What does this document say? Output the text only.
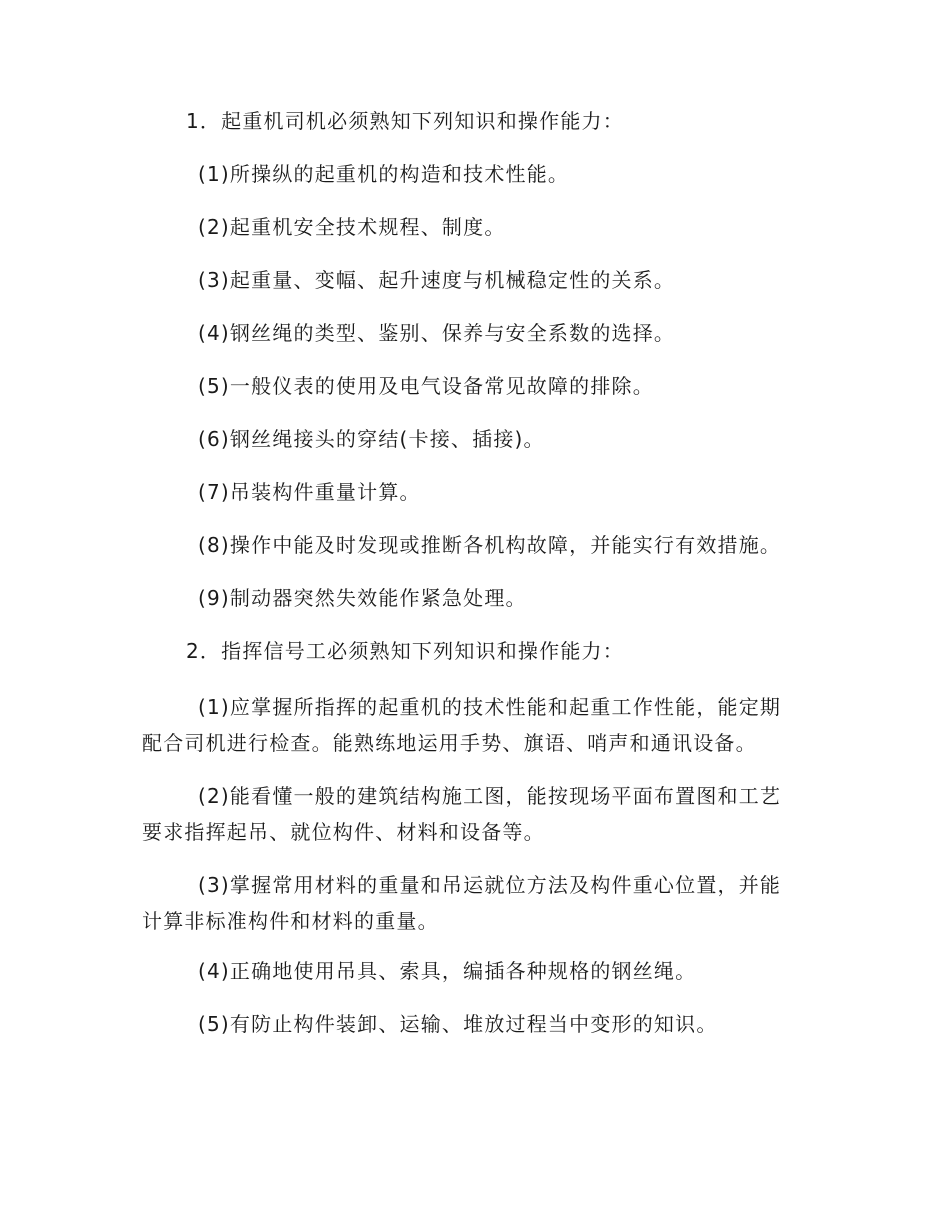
1．起重机司机必须熟知下列知识和操作能力：

(1)所操纵的起重机的构造和技术性能。

(2)起重机安全技术规程、制度。

(3)起重量、变幅、起升速度与机械稳定性的关系。

(4)钢丝绳的类型、鉴别、保养与安全系数的选择。

(5)一般仪表的使用及电气设备常见故障的排除。

(6)钢丝绳接头的穿结(卡接、插接)。

(7)吊装构件重量计算。

(8)操作中能及时发现或推断各机构故障，并能实行有效措施。

(9)制动器突然失效能作紧急处理。

2．指挥信号工必须熟知下列知识和操作能力：

(1)应掌握所指挥的起重机的技术性能和起重工作性能，能定期配合司机进行检查。能熟练地运用手势、旗语、哨声和通讯设备。

(2)能看懂一般的建筑结构施工图，能按现场平面布置图和工艺要求指挥起吊、就位构件、材料和设备等。

(3)掌握常用材料的重量和吊运就位方法及构件重心位置，并能计算非标准构件和材料的重量。

(4)正确地使用吊具、索具，编插各种规格的钢丝绳。

(5)有防止构件装卸、运输、堆放过程当中变形的知识。
